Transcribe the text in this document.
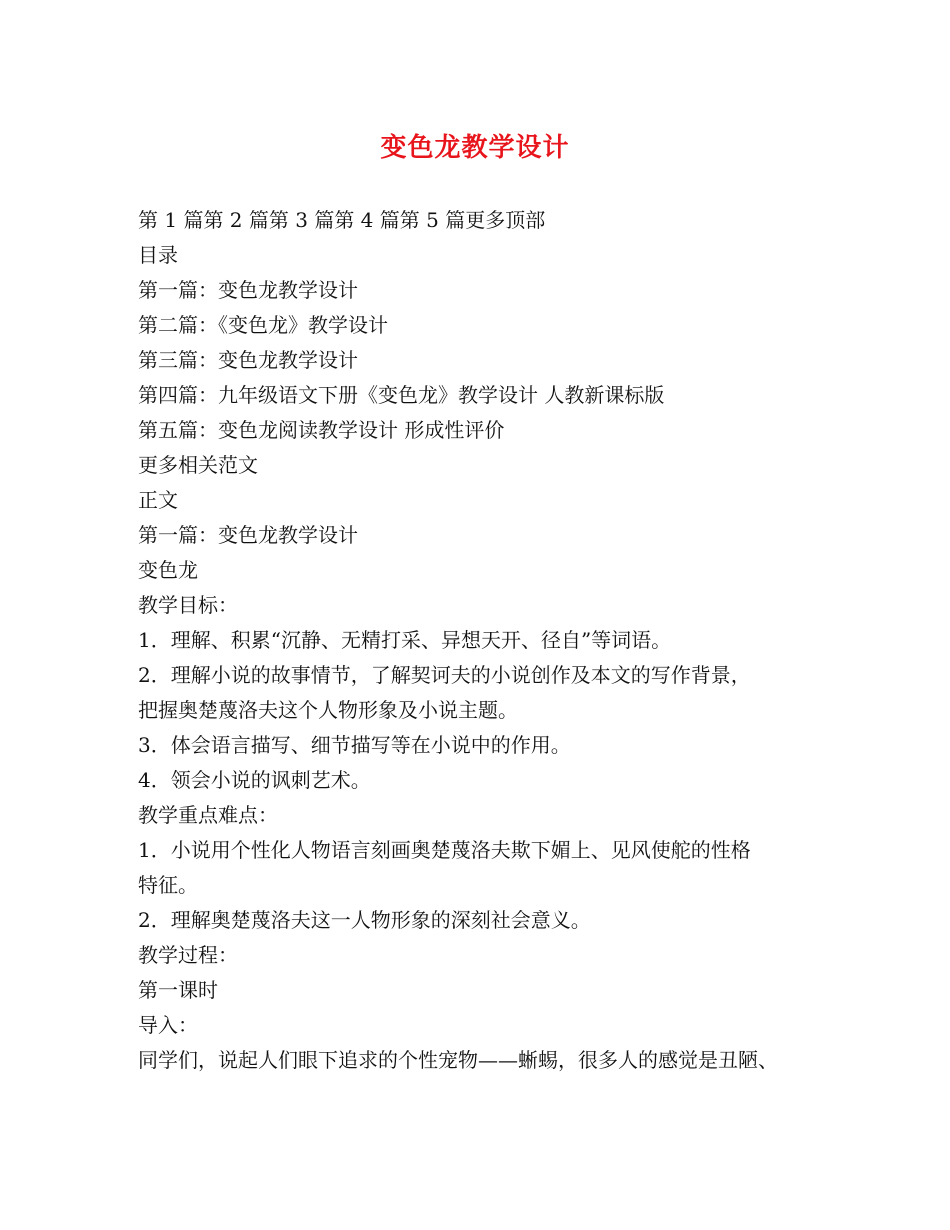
变色龙教学设计
第 1 篇第 2 篇第 3 篇第 4 篇第 5 篇更多顶部
目录
第一篇：变色龙教学设计
第二篇：《变色龙》教学设计
第三篇：变色龙教学设计
第四篇：九年级语文下册《变色龙》教学设计 人教新课标版
第五篇：变色龙阅读教学设计 形成性评价
更多相关范文
正文
第一篇：变色龙教学设计
变色龙
教学目标：
1．理解、积累“沉静、无精打采、异想天开、径自”等词语。
2．理解小说的故事情节，了解契诃夫的小说创作及本文的写作背景，
把握奥楚蔑洛夫这个人物形象及小说主题。
3．体会语言描写、细节描写等在小说中的作用。
4．领会小说的讽刺艺术。
教学重点难点：
1．小说用个性化人物语言刻画奥楚蔑洛夫欺下媚上、见风使舵的性格
特征。
2．理解奥楚蔑洛夫这一人物形象的深刻社会意义。
教学过程：
第一课时
导入：
同学们，说起人们眼下追求的个性宠物——蜥蜴，很多人的感觉是丑陋、
